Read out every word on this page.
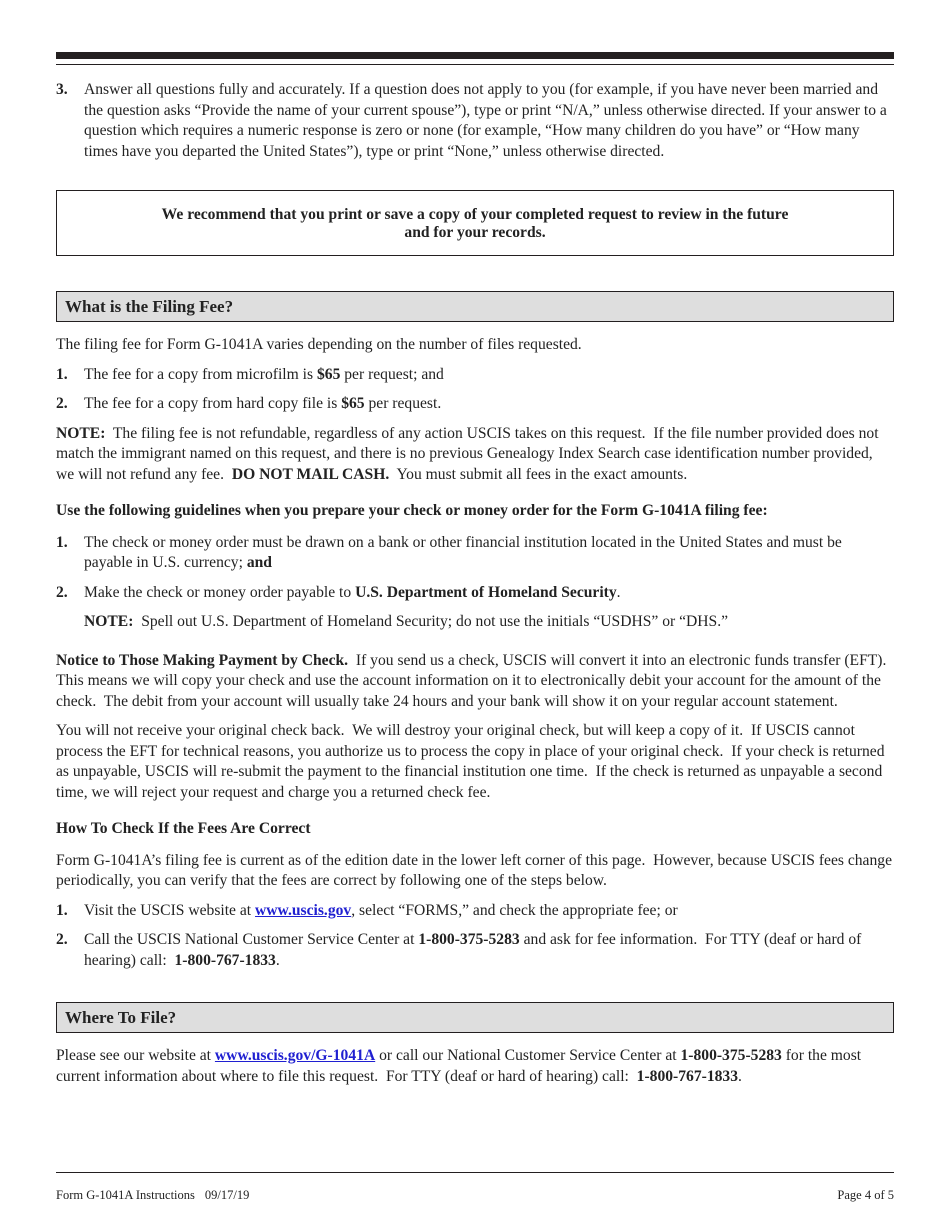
3.	Answer all questions fully and accurately. If a question does not apply to you (for example, if you have never been married and the question asks “Provide the name of your current spouse”), type or print “N/A,” unless otherwise directed. If your answer to a question which requires a numeric response is zero or none (for example, “How many children do you have” or “How many times have you departed the United States”), type or print “None,” unless otherwise directed.
We recommend that you print or save a copy of your completed request to review in the future
and for your records.
What is the Filing Fee?

The filing fee for Form G-1041A varies depending on the number of files requested.

1.	The fee for a copy from microfilm is $65 per request; and
2.	The fee for a copy from hard copy file is $65 per request.

NOTE:  The filing fee is not refundable, regardless of any action USCIS takes on this request.  If the file number provided does not match the immigrant named on this request, and there is no previous Genealogy Index Search case identification number provided, we will not refund any fee.  DO NOT MAIL CASH.  You must submit all fees in the exact amounts.

Use the following guidelines when you prepare your check or money order for the Form G-1041A filing fee:
1.	The check or money order must be drawn on a bank or other financial institution located in the United States and must be payable in U.S. currency; and
2.	Make the check or money order payable to U.S. Department of Homeland Security.
NOTE:  Spell out U.S. Department of Homeland Security; do not use the initials “USDHS” or “DHS.”

Notice to Those Making Payment by Check.  If you send us a check, USCIS will convert it into an electronic funds transfer (EFT).  This means we will copy your check and use the account information on it to electronically debit your account for the amount of the check.  The debit from your account will usually take 24 hours and your bank will show it on your regular account statement.

You will not receive your original check back.  We will destroy your original check, but will keep a copy of it.  If USCIS cannot process the EFT for technical reasons, you authorize us to process the copy in place of your original check.  If your check is returned as unpayable, USCIS will re-submit the payment to the financial institution one time.  If the check is returned as unpayable a second time, we will reject your request and charge you a returned check fee.

How To Check If the Fees Are Correct

Form G-1041A’s filing fee is current as of the edition date in the lower left corner of this page.  However, because USCIS fees change periodically, you can verify that the fees are correct by following one of the steps below.

1.	Visit the USCIS website at www.uscis.gov, select “FORMS,” and check the appropriate fee; or
2.	Call the USCIS National Customer Service Center at 1-800-375-5283 and ask for fee information.  For TTY (deaf or hard of hearing) call:  1-800-767-1833.
Where To File?

Please see our website at www.uscis.gov/G-1041A or call our National Customer Service Center at 1-800-375-5283 for the most current information about where to file this request.  For TTY (deaf or hard of hearing) call:  1-800-767-1833.

Form G-1041A Instructions 09/17/19	Page 4 of 5
